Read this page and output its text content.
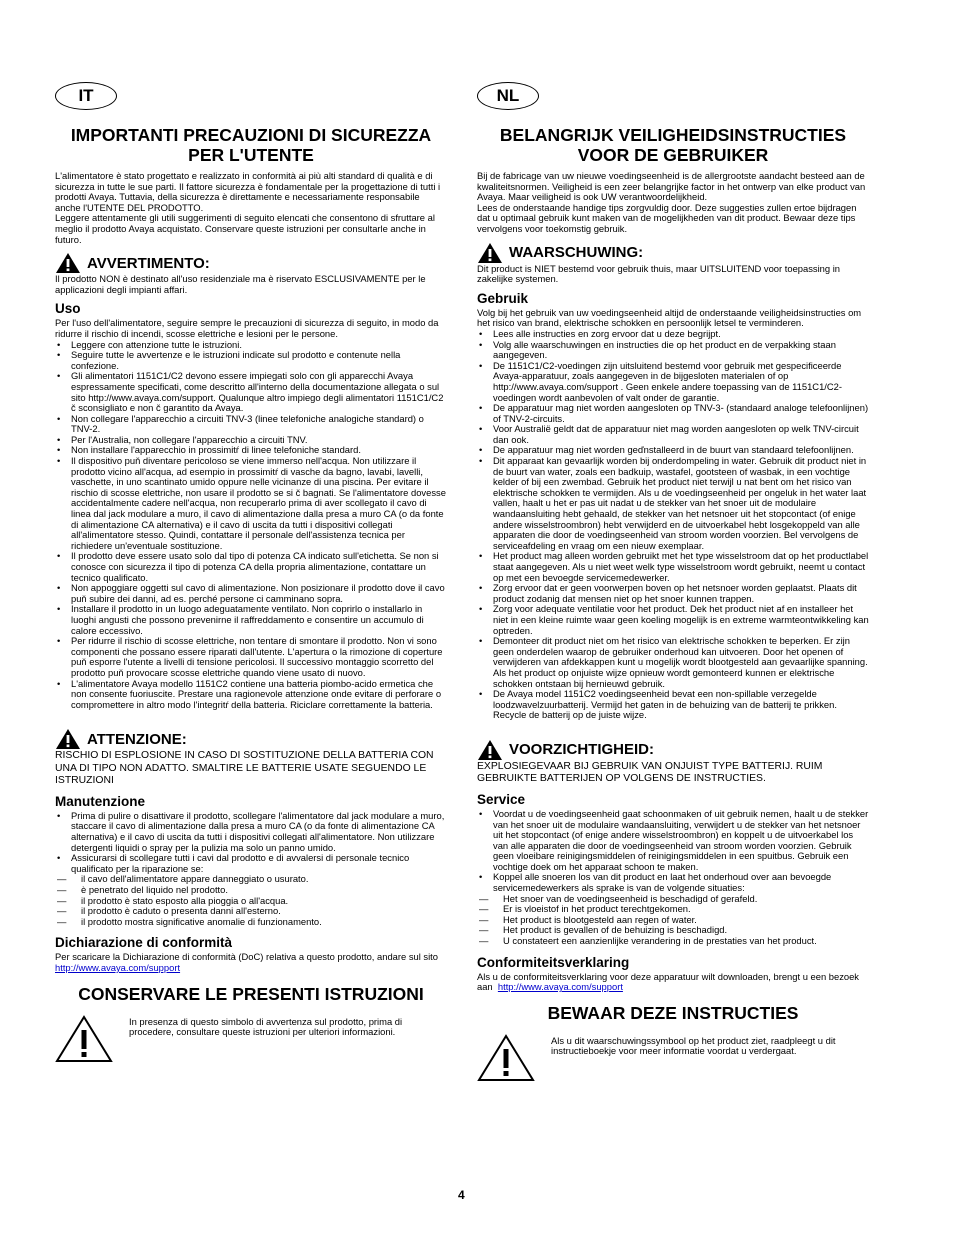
IT
IMPORTANTI PRECAUZIONI DI SICUREZZA PER L'UTENTE

L'alimentatore è stato progettato e realizzato in conformità ai più alti standard di qualità e di sicurezza in tutte le sue parti. Il fattore sicurezza è fondamentale per la progettazione di tutti i prodotti Avaya. Tuttavia, della sicurezza è direttamente e necessariamente responsabile anche l'UTENTE DEL PRODOTTO.

Leggere attentamente gli utili suggerimenti di seguito elencati che consentono di sfruttare al meglio il prodotto Avaya acquistato. Conservare queste istruzioni per consultarle anche in futuro.

AVVERTIMENTO:

Il prodotto NON è destinato all'uso residenziale ma è riservato ESCLUSIVAMENTE per le applicazioni degli impianti affari.

Uso

Per l'uso dell'alimentatore, seguire sempre le precauzioni di sicurezza di seguito, in modo da ridurre il rischio di incendi, scosse elettriche e lesioni per le persone.

• Leggere con attenzione tutte le istruzioni.
• Seguire tutte le avvertenze e le istruzioni indicate sul prodotto e contenute nella confezione.
• Gli alimentatori 1151C1/C2 devono essere impiegati solo con gli apparecchi Avaya espressamente specificati, come descritto all'interno della documentazione allegata o sul sito http://www.avaya.com/support. Qualunque altro impiego degli alimentatori 1151C1/C2 č sconsigliato e non č garantito da Avaya.
• Non collegare l'apparecchio a circuiti TNV-3 (linee telefoniche analogiche standard) o TNV-2.
• Per l'Australia, non collegare l'apparecchio a circuiti TNV.
• Non installare l'apparecchio in prossimitŕ di linee telefoniche standard.
• Il dispositivo puň diventare pericoloso se viene immerso nell'acqua. Non utilizzare il prodotto vicino all'acqua, ad esempio in prossimitŕ di vasche da bagno, lavabi, lavelli, vaschette, in uno scantinato umido oppure nelle vicinanze di una piscina. Per evitare il rischio di scosse elettriche, non usare il prodotto se si č bagnati. Se l'alimentatore dovesse accidentalmente cadere nell'acqua, non recuperarlo prima di aver scollegato il cavo di linea dal jack modulare a muro, il cavo di alimentazione dalla presa a muro CA (o da fonte di alimentazione CA alternativa) e il cavo di uscita da tutti i dispositivi collegati all'alimentatore stesso. Quindi, contattare il personale dell'assistenza tecnica per richiedere un'eventuale sostituzione.
• Il prodotto deve essere usato solo dal tipo di potenza CA indicato sull'etichetta. Se non si conosce con sicurezza il tipo di potenza CA della propria alimentazione, contattare un tecnico qualificato.
• Non appoggiare oggetti sul cavo di alimentazione. Non posizionare il prodotto dove il cavo puň subire dei danni, ad es. perché persone ci camminano sopra.
• Installare il prodotto in un luogo adeguatamente ventilato. Non coprirlo o installarlo in luoghi angusti che possono prevenirne il raffreddamento e consentire un accumulo di calore eccessivo.
• Per ridurre il rischio di scosse elettriche, non tentare di smontare il prodotto. Non vi sono componenti che possano essere riparati dall'utente. L'apertura o la rimozione di coperture puň esporre l'utente a livelli di tensione pericolosi. Il successivo montaggio scorretto del prodotto puň provocare scosse elettriche quando viene usato di nuovo.
• L'alimentatore Avaya modello 1151C2 contiene una batteria piombo-acido ermetica che non consente fuoriuscite. Prestare una ragionevole attenzione onde evitare di perforare o compromettere in altro modo l'integritŕ della batteria. Riciclare correttamente la batteria.
ATTENZIONE:

RISCHIO DI ESPLOSIONE IN CASO DI SOSTITUZIONE DELLA BATTERIA CON UNA DI TIPO NON ADATTO. SMALTIRE LE BATTERIE USATE SEGUENDO LE ISTRUZIONI

Manutenzione
• Prima di pulire o disattivare il prodotto, scollegare l'alimentatore dal jack modulare a muro, staccare il cavo di alimentazione dalla presa a muro CA (o da fonte di alimentazione CA alternativa) e il cavo di uscita da tutti i dispositivi collegati all'alimentatore. Non utilizzare detergenti liquidi o spray per la pulizia ma solo un panno umido.
• Assicurarsi di scollegare tutti i cavi dal prodotto e di avvalersi di personale tecnico qualificato per la riparazione se:
— il cavo dell'alimentatore appare danneggiato o usurato.
— è penetrato del liquido nel prodotto.
— il prodotto è stato esposto alla pioggia o all'acqua.
— il prodotto è caduto o presenta danni all'esterno.
— il prodotto mostra significative anomalie di funzionamento.
Dichiarazione di conformità

Per scaricare la Dichiarazione di conformità (DoC) relativa a questo prodotto, andare sul sito  http://www.avaya.com/support

CONSERVARE LE PRESENTI ISTRUZIONI

In presenza di questo simbolo di avvertenza sul prodotto, prima di procedere, consultare queste istruzioni per ulteriori informazioni.

NL
BELANGRIJK VEILIGHEIDSINSTRUCTIES VOOR DE GEBRUIKER

Bij de fabricage van uw nieuwe voedingseenheid is de allergrootste aandacht besteed aan de kwaliteitsnormen. Veiligheid is een zeer belangrijke factor in het ontwerp van elke product van Avaya. Maar veiligheid is ook UW verantwoordelijkheid.

Lees de onderstaande handige tips zorgvuldig door. Deze suggesties zullen ertoe bijdragen dat u optimaal gebruik kunt maken van de mogelijkheden van dit product. Bewaar deze tips vervolgens voor toekomstig gebruik.

WAARSCHUWING:

Dit product is NIET bestemd voor gebruik thuis, maar UITSLUITEND voor toepassing in zakelijke systemen.

Gebruik

Volg bij het gebruik van uw voedingseenheid altijd de onderstaande veiligheidsinstructies om het risico van brand, elektrische schokken en persoonlijk letsel te verminderen.

• Lees alle instructies en zorg ervoor dat u deze begrijpt.
• Volg alle waarschuwingen en instructies die op het product en de verpakking staan aangegeven.
• De 1151C1/C2-voedingen zijn uitsluitend bestemd voor gebruik met gespecificeerde Avaya-apparatuur, zoals aangegeven in de bijgesloten materialen of op http://www.avaya.com/support . Geen enkele andere toepassing van de 1151C1/C2-voedingen wordt aanbevolen of valt onder de garantie.
• De apparatuur mag niet worden aangesloten op TNV-3- (standaard analoge telefoonlijnen) of TNV-2-circuits.
• Voor Australië geldt dat de apparatuur niet mag worden aangesloten op welk TNV-circuit dan ook.
• De apparatuur mag niet worden geďnstalleerd in de buurt van standaard telefoonlijnen.
• Dit apparaat kan gevaarlijk worden bij onderdompeling in water. Gebruik dit product niet in de buurt van water, zoals een badkuip, wastafel, gootsteen of wasbak, in een vochtige kelder of bij een zwembad. Gebruik het product niet terwijl u nat bent om het risico van elektrische schokken te vermijden. Als u de voedingseenheid per ongeluk in het water laat vallen, haalt u het er pas uit nadat u de stekker van het snoer uit de modulaire wandaansluiting hebt gehaald, de stekker van het netsnoer uit het stopcontact (of enige andere wisselstroombron) hebt verwijderd en de uitvoerkabel hebt losgekoppeld van alle apparaten die door de voedingseenheid van stroom worden voorzien. Bel vervolgens de serviceafdeling en vraag om een nieuw exemplaar.
• Het product mag alleen worden gebruikt met het type wisselstroom dat op het productlabel staat aangegeven. Als u niet weet welk type wisselstroom wordt gebruikt, neemt u contact op met een bevoegde servicemedewerker.
• Zorg ervoor dat er geen voorwerpen boven op het netsnoer worden geplaatst. Plaats dit product zodanig dat mensen niet op het snoer kunnen trappen.
• Zorg voor adequate ventilatie voor het product. Dek het product niet af en installeer het niet in een kleine ruimte waar geen koeling mogelijk is en extreme warmteontwikkeling kan optreden.
• Demonteer dit product niet om het risico van elektrische schokken te beperken. Er zijn geen onderdelen waarop de gebruiker onderhoud kan uitvoeren. Door het openen of verwijderen van afdekkappen kunt u mogelijk wordt blootgesteld aan gevaarlijke spanning. Als het product op onjuiste wijze opnieuw wordt gemonteerd kunnen er elektrische schokken ontstaan bij hernieuwd gebruik.
• De Avaya model 1151C2 voedingseenheid bevat een non-spillable verzegelde loodzwavelzuurbatterij. Vermijd het gaten in de behuizing van de batterij te prikken. Recycle de batterij op de juiste wijze.
VOORZICHTIGHEID:

EXPLOSIEGEVAAR BIJ GEBRUIK VAN ONJUIST TYPE BATTERIJ. RUIM GEBRUIKTE BATTERIJEN OP VOLGENS DE INSTRUCTIES.

Service
• Voordat u de voedingseenheid gaat schoonmaken of uit gebruik nemen, haalt u de stekker van het snoer uit de modulaire wandaansluiting, verwijdert u de stekker van het netsnoer uit het stopcontact (of enige andere wisselstroombron) en koppelt u de uitvoerkabel los van alle apparaten die door de voedingseenheid van stroom worden voorzien. Gebruik geen vloeibare reinigingsmiddelen of reinigingsmiddelen in een spuitbus. Gebruik een vochtige doek om het apparaat schoon te maken.
• Koppel alle snoeren los van dit product en laat het onderhoud over aan bevoegde servicemedewerkers als sprake is van de volgende situaties:
— Het snoer van de voedingseenheid is beschadigd of gerafeld.
— Er is vloeistof in het product terechtgekomen.
— Het product is blootgesteld aan regen of water.
— Het product is gevallen of de behuizing is beschadigd.
— U constateert een aanzienlijke verandering in de prestaties van het product.
Conformiteitsverklaring

Als u de conformiteitsverklaring voor deze apparatuur wilt downloaden, brengt u een bezoek aan http://www.avaya.com/support

BEWAAR DEZE INSTRUCTIES

Als u dit waarschuwingssymbool op het product ziet, raadpleegt u dit instructieboekje voor meer informatie voordat u verdergaat.

4
